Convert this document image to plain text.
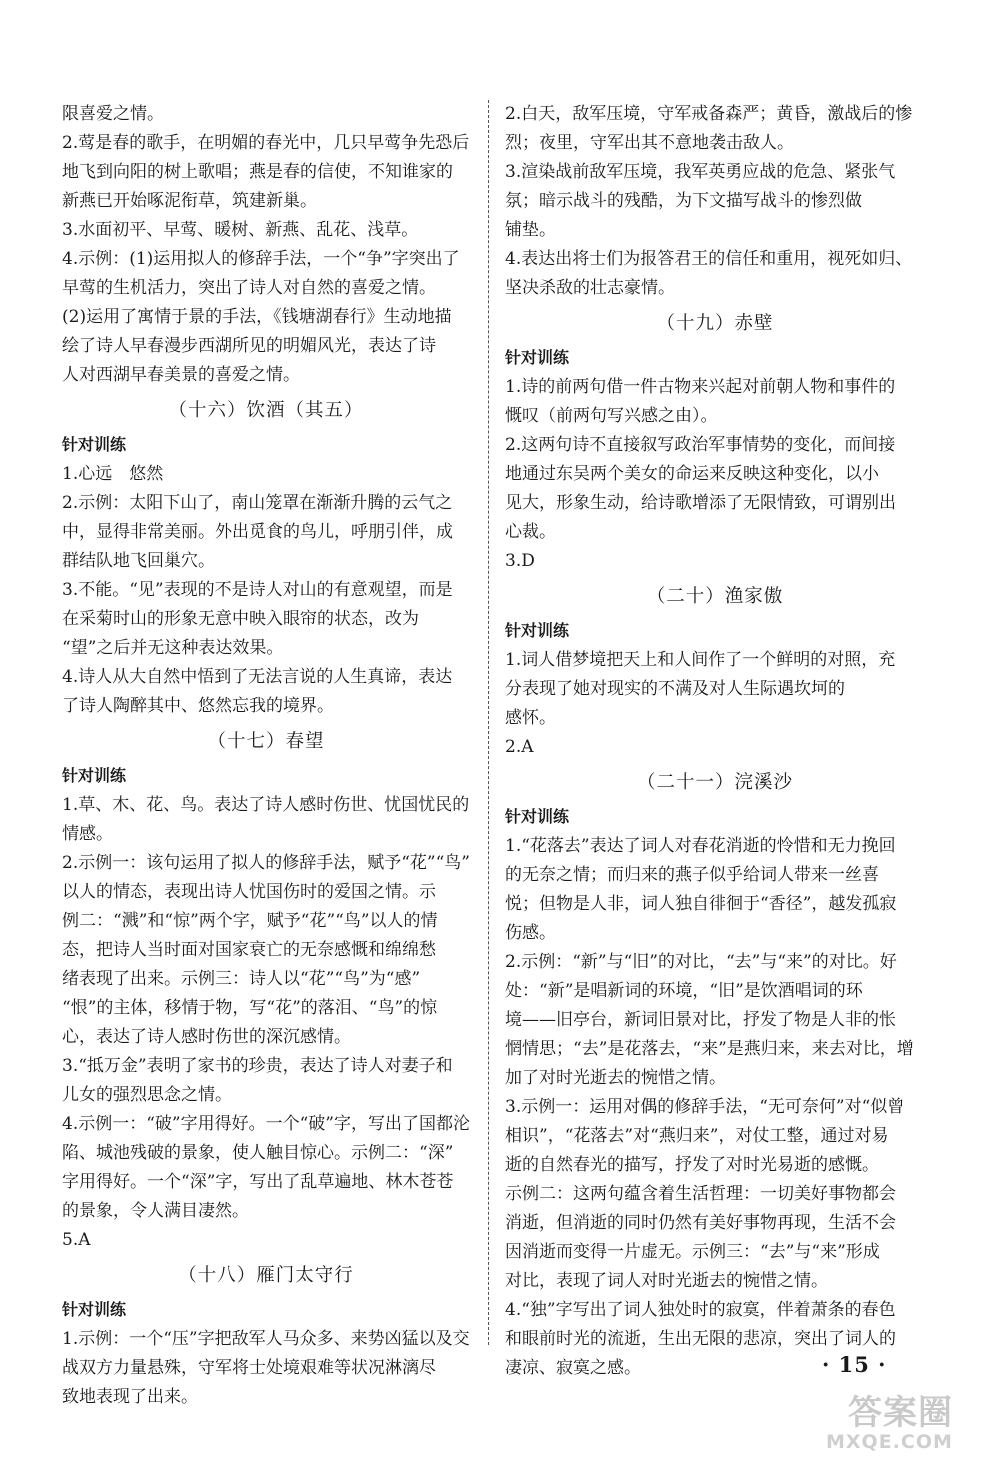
限喜爱之情。
2.莺是春的歌手，在明媚的春光中，几只早莺争先恐后
地飞到向阳的树上歌唱；燕是春的信使，不知谁家的
新燕已开始啄泥衔草，筑建新巢。
3.水面初平、早莺、暖树、新燕、乱花、浅草。
4.示例：(1)运用拟人的修辞手法，一个“争”字突出了
早莺的生机活力，突出了诗人对自然的喜爱之情。
(2)运用了寓情于景的手法，《钱塘湖春行》生动地描
绘了诗人早春漫步西湖所见的明媚风光，表达了诗
人对西湖早春美景的喜爱之情。
（十六）饮酒（其五）
针对训练
1.心远　悠然
2.示例：太阳下山了，南山笼罩在渐渐升腾的云气之
中，显得非常美丽。外出觅食的鸟儿，呼朋引伴，成
群结队地飞回巢穴。
3.不能。“见”表现的不是诗人对山的有意观望，而是
在采菊时山的形象无意中映入眼帘的状态，改为
“望”之后并无这种表达效果。
4.诗人从大自然中悟到了无法言说的人生真谛，表达
了诗人陶醉其中、悠然忘我的境界。
（十七）春望
针对训练
1.草、木、花、鸟。表达了诗人感时伤世、忧国忧民的
情感。
2.示例一：该句运用了拟人的修辞手法，赋予“花”“鸟”
以人的情态，表现出诗人忧国伤时的爱国之情。示
例二：“溅”和“惊”两个字，赋予“花”“鸟”以人的情
态，把诗人当时面对国家衰亡的无奈感慨和绵绵愁
绪表现了出来。示例三：诗人以“花”“鸟”为“感”
“恨”的主体，移情于物，写“花”的落泪、“鸟”的惊
心，表达了诗人感时伤世的深沉感情。
3.“抵万金”表明了家书的珍贵，表达了诗人对妻子和
儿女的强烈思念之情。
4.示例一：“破”字用得好。一个“破”字，写出了国都沦
陷、城池残破的景象，使人触目惊心。示例二：“深”
字用得好。一个“深”字，写出了乱草遍地、林木苍苍
的景象，令人满目凄然。
5.A
（十八）雁门太守行
针对训练
1.示例：一个“压”字把敌军人马众多、来势凶猛以及交
战双方力量悬殊，守军将士处境艰难等状况淋漓尽
致地表现了出来。
2.白天，敌军压境，守军戒备森严；黄昏，激战后的惨
烈；夜里，守军出其不意地袭击敌人。
3.渲染战前敌军压境，我军英勇应战的危急、紧张气
氛；暗示战斗的残酷，为下文描写战斗的惨烈做
铺垫。
4.表达出将士们为报答君王的信任和重用，视死如归、
坚决杀敌的壮志豪情。
（十九）赤壁
针对训练
1.诗的前两句借一件古物来兴起对前朝人物和事件的
慨叹（前两句写兴感之由）。
2.这两句诗不直接叙写政治军事情势的变化，而间接
地通过东吴两个美女的命运来反映这种变化，以小
见大，形象生动，给诗歌增添了无限情致，可谓别出
心裁。
3.D
（二十）渔家傲
针对训练
1.词人借梦境把天上和人间作了一个鲜明的对照，充
分表现了她对现实的不满及对人生际遇坎坷的
感怀。
2.A
（二十一）浣溪沙
针对训练
1.“花落去”表达了词人对春花消逝的怜惜和无力挽回
的无奈之情；而归来的燕子似乎给词人带来一丝喜
悦；但物是人非，词人独自徘徊于“香径”，越发孤寂
伤感。
2.示例：“新”与“旧”的对比，“去”与“来”的对比。好
处：“新”是唱新词的环境，“旧”是饮酒唱词的环
境——旧亭台，新词旧景对比，抒发了物是人非的怅
惘情思；“去”是花落去，“来”是燕归来，来去对比，增
加了对时光逝去的惋惜之情。
3.示例一：运用对偶的修辞手法，“无可奈何”对“似曾
相识”，“花落去”对“燕归来”，对仗工整，通过对易
逝的自然春光的描写，抒发了对时光易逝的感慨。
示例二：这两句蕴含着生活哲理：一切美好事物都会
消逝，但消逝的同时仍然有美好事物再现，生活不会
因消逝而变得一片虚无。示例三：“去”与“来”形成
对比，表现了词人对时光逝去的惋惜之情。
4.“独”字写出了词人独处时的寂寞，伴着萧条的春色
和眼前时光的流逝，生出无限的悲凉，突出了词人的
凄凉、寂寞之感。	· 15 ·
答案圈
MXQE.COM
